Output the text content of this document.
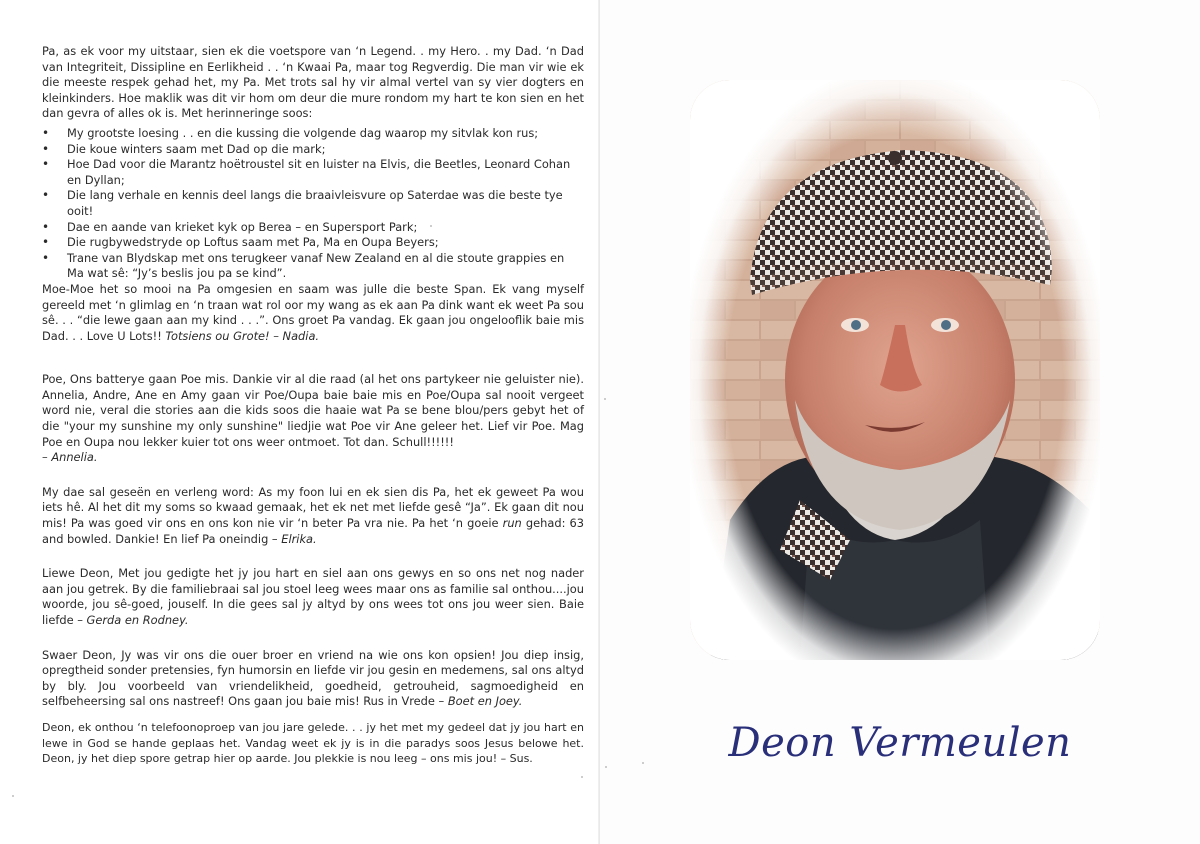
Pa, as ek voor my uitstaar, sien ek die voetspore van ‘n Legend. . my Hero. . my Dad. ‘n Dad van Integriteit, Dissipline en Eerlikheid . . ‘n Kwaai Pa, maar tog Regverdig. Die man vir wie ek die meeste respek gehad het, my Pa. Met trots sal hy vir almal vertel van sy vier dogters en kleinkinders. Hoe maklik was dit vir hom om deur die mure rondom my hart te kon sien en het dan gevra of alles ok is. Met herinneringe soos:

• My grootste loesing . . en die kussing die volgende dag waarop my sitvlak kon rus;
• Die koue winters saam met Dad op die mark;
• Hoe Dad voor die Marantz hoëtroustel sit en luister na Elvis, die Beetles, Leonard Cohan en Dyllan;
• Die lang verhale en kennis deel langs die braaivleisvure op Saterdae was die beste tye ooit!
• Dae en aande van krieket kyk op Berea – en Supersport Park;
• Die rugbywedstryde op Loftus saam met Pa, Ma en Oupa Beyers;
• Trane van Blydskap met ons terugkeer vanaf New Zealand en al die stoute grappies en Ma wat sê: “Jy’s beslis jou pa se kind”.

Moe-Moe het so mooi na Pa omgesien en saam was julle die beste Span. Ek vang myself gereeld met ‘n glimlag en ‘n traan wat rol oor my wang as ek aan Pa dink want ek weet Pa sou sê. . . “die lewe gaan aan my kind . . .”. Ons groet Pa vandag. Ek gaan jou ongelooflik baie mis Dad. . . Love U Lots!! Totsiens ou Grote! – Nadia.

Poe, Ons batterye gaan Poe mis. Dankie vir al die raad (al het ons partykeer nie geluister nie). Annelia, Andre, Ane en Amy gaan vir Poe/Oupa baie baie mis en Poe/Oupa sal nooit vergeet word nie, veral die stories aan die kids soos die haaie wat Pa se bene blou/pers gebyt het of die "your my sunshine my only sunshine" liedjie wat Poe vir Ane geleer het. Lief vir Poe. Mag Poe en Oupa nou lekker kuier tot ons weer ontmoet. Tot dan. Schull!!!!!!
– Annelia.

My dae sal geseën en verleng word: As my foon lui en ek sien dis Pa, het ek geweet Pa wou iets hê. Al het dit my soms so kwaad gemaak, het ek net met liefde gesê “Ja”. Ek gaan dit nou mis! Pa was goed vir ons en ons kon nie vir ‘n beter Pa vra nie. Pa het ‘n goeie run gehad: 63 and bowled. Dankie! En lief Pa oneindig – Elrika.

Liewe Deon, Met jou gedigte het jy jou hart en siel aan ons gewys en so ons net nog nader aan jou getrek. By die familiebraai sal jou stoel leeg wees maar ons as familie sal onthou....jou woorde, jou sê-goed, jouself. In die gees sal jy altyd by ons wees tot ons jou weer sien. Baie liefde – Gerda en Rodney.

Swaer Deon, Jy was vir ons die ouer broer en vriend na wie ons kon opsien! Jou diep insig, opregtheid sonder pretensies, fyn humorsin en liefde vir jou gesin en medemens, sal ons altyd by bly. Jou voorbeeld van vriendelikheid, goedheid, getrouheid, sagmoedigheid en selfbeheersing sal ons nastreef! Ons gaan jou baie mis! Rus in Vrede – Boet en Joey.

Deon, ek onthou ‘n telefoonoproep van jou jare gelede. . . jy het met my gedeel dat jy jou hart en lewe in God se hande geplaas het. Vandag weet ek jy is in die paradys soos Jesus belowe het. Deon, jy het diep spore getrap hier op aarde. Jou plekkie is nou leeg – ons mis jou! – Sus.	Deon Vermeulen
